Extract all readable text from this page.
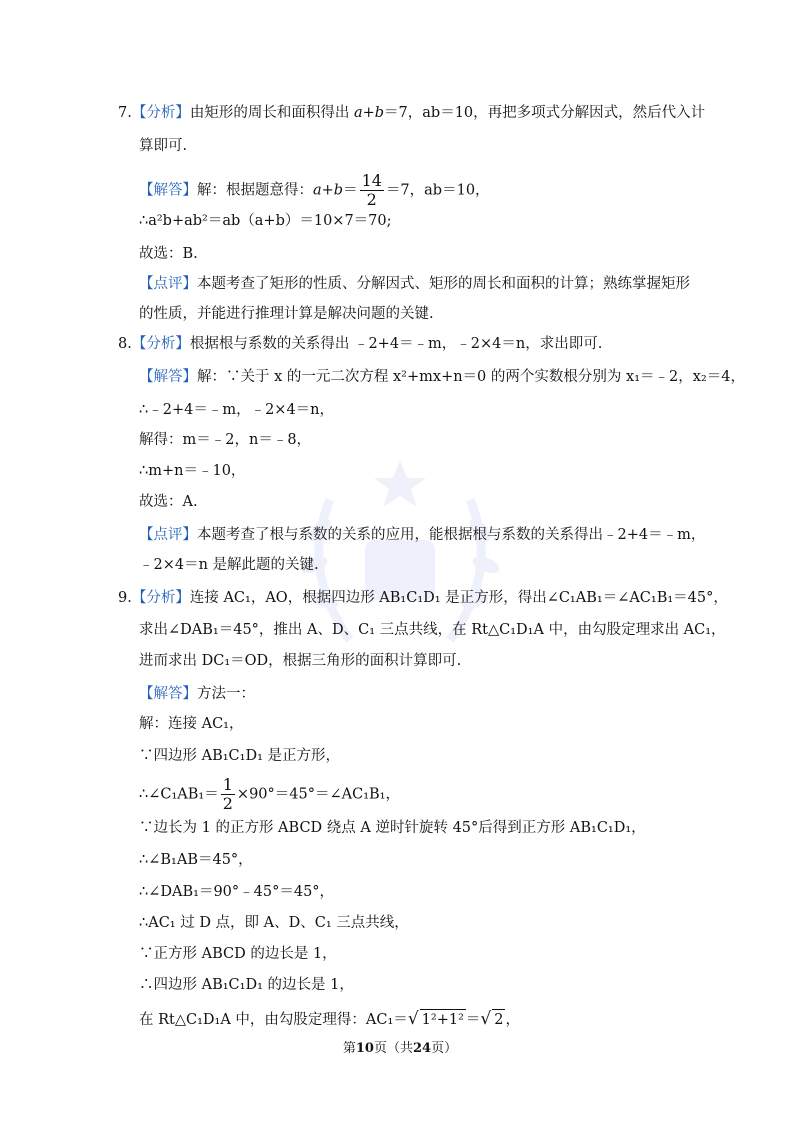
7.【分析】由矩形的周长和面积得出 a+b＝7，ab＝10，再把多项式分解因式，然后代入计
算即可.
【解答】解：根据题意得：$a+b= \frac{14}{2} =7$，ab＝10，
∴a²b+ab²＝ab（a+b）＝10×7＝70;
故选：B.
【点评】本题考查了矩形的性质、分解因式、矩形的周长和面积的计算；熟练掌握矩形
的性质，并能进行推理计算是解决问题的关键.
8.【分析】根据根与系数的关系得出 ﹣2+4＝﹣m，﹣2×4＝n，求出即可.
【解答】解：∵关于 x 的一元二次方程 x²+mx+n＝0 的两个实数根分别为 x₁＝﹣2，x₂＝4，
∴﹣2+4＝﹣m，﹣2×4＝n，
解得：m＝﹣2，n＝﹣8，
∴m+n＝﹣10，
故选：A.
【点评】本题考查了根与系数的关系的应用，能根据根与系数的关系得出﹣2+4＝﹣m，
﹣2×4＝n 是解此题的关键.
9.【分析】连接 AC₁，AO，根据四边形 AB₁C₁D₁ 是正方形，得出∠C₁AB₁＝∠AC₁B₁＝45°，
求出∠DAB₁＝45°，推出 A、D、C₁ 三点共线，在 Rt△C₁D₁A 中，由勾股定理求出 AC₁，
进而求出 DC₁＝OD，根据三角形的面积计算即可.
【解答】方法一：
解：连接 AC₁，
∵四边形 AB₁C₁D₁ 是正方形，
∴∠C₁AB₁＝ $\frac{1}{2}$ ×90°＝45°＝∠AC₁B₁，
∵边长为 1 的正方形 ABCD 绕点 A 逆时针旋转 45°后得到正方形 AB₁C₁D₁，
∴∠B₁AB＝45°，
∴∠DAB₁＝90°﹣45°＝45°，
∴AC₁ 过 D 点，即 A、D、C₁ 三点共线，
∵正方形 ABCD 的边长是 1，
∴四边形 AB₁C₁D₁ 的边长是 1，
在 Rt△C₁D₁A 中，由勾股定理得：AC₁＝√ 1²+1² ＝√ 2 ，
第10页（共24页）
